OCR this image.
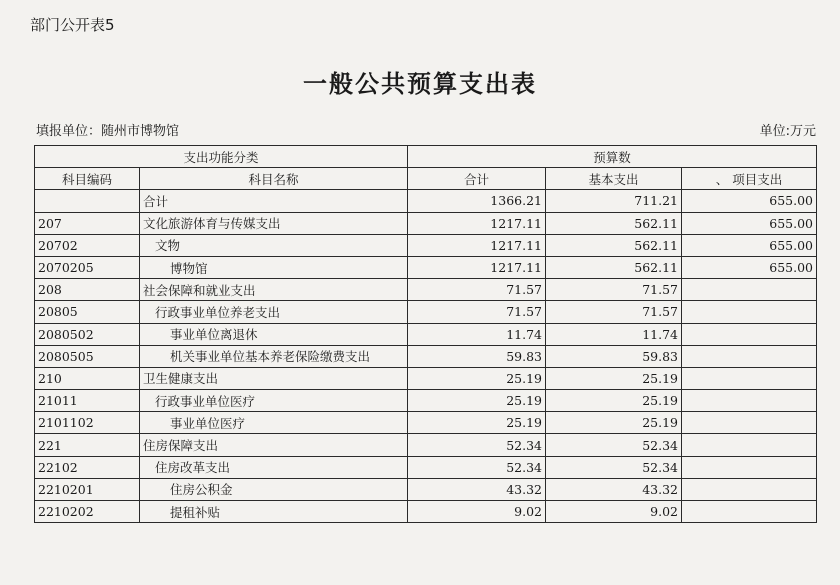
部门公开表5
一般公共预算支出表
填报单位：随州市博物馆	单位:万元
支出功能分类		预算数		
科目编码	科目名称	合计	基本支出	、 项目支出
	合计	1366.21	711.21	655.00
207	文化旅游体育与传媒支出	1217.11	562.11	655.00
20702	文物	1217.11	562.11	655.00
2070205	博物馆	1217.11	562.11	655.00
208	社会保障和就业支出	71.57	71.57	
20805	行政事业单位养老支出	71.57	71.57	
2080502	事业单位离退休	11.74	11.74	
2080505	机关事业单位基本养老保险缴费支出	59.83	59.83	
210	卫生健康支出	25.19	25.19	
21011	行政事业单位医疗	25.19	25.19	
2101102	事业单位医疗	25.19	25.19	
221	住房保障支出	52.34	52.34	
22102	住房改革支出	52.34	52.34	
2210201	住房公积金	43.32	43.32	
2210202	提租补贴	9.02	9.02	
